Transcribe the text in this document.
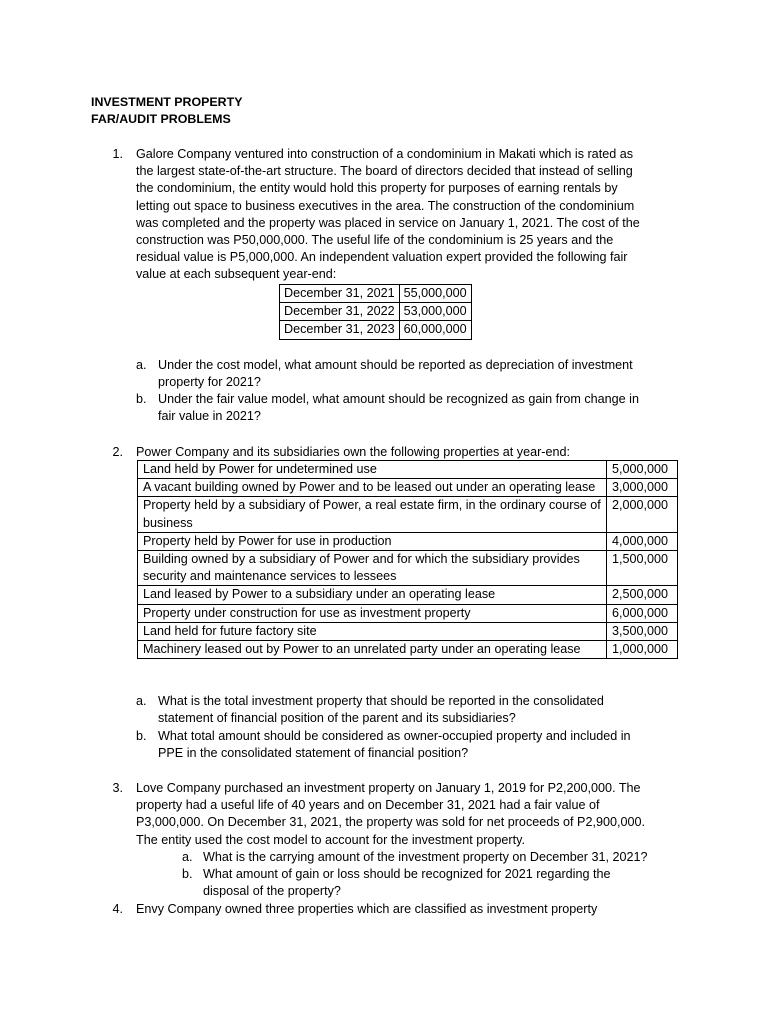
INVESTMENT PROPERTY
FAR/AUDIT PROBLEMS
1. Galore Company ventured into construction of a condominium in Makati which is rated as
the largest state-of-the-art structure. The board of directors decided that instead of selling
the condominium, the entity would hold this property for purposes of earning rentals by
letting out space to business executives in the area. The construction of the condominium
was completed and the property was placed in service on January 1, 2021. The cost of the
construction was P50,000,000. The useful life of the condominium is 25 years and the
residual value is P5,000,000. An independent valuation expert provided the following fair
value at each subsequent year-end:
December 31, 2021	55,000,000
December 31, 2022	53,000,000
December 31, 2023	60,000,000
a. Under the cost model, what amount should be reported as depreciation of investment
property for 2021?
b. Under the fair value model, what amount should be recognized as gain from change in
fair value in 2021?
2. Power Company and its subsidiaries own the following properties at year-end:
Land held by Power for undetermined use	5,000,000
A vacant building owned by Power and to be leased out under an operating lease	3,000,000
Property held by a subsidiary of Power, a real estate firm, in the ordinary course of business	2,000,000
Property held by Power for use in production	4,000,000
Building owned by a subsidiary of Power and for which the subsidiary provides security and maintenance services to lessees	1,500,000
Land leased by Power to a subsidiary under an operating lease	2,500,000
Property under construction for use as investment property	6,000,000
Land held for future factory site	3,500,000
Machinery leased out by Power to an unrelated party under an operating lease	1,000,000
a. What is the total investment property that should be reported in the consolidated
statement of financial position of the parent and its subsidiaries?
b. What total amount should be considered as owner-occupied property and included in
PPE in the consolidated statement of financial position?
3. Love Company purchased an investment property on January 1, 2019 for P2,200,000. The
property had a useful life of 40 years and on December 31, 2021 had a fair value of
P3,000,000. On December 31, 2021, the property was sold for net proceeds of P2,900,000.
The entity used the cost model to account for the investment property.
a. What is the carrying amount of the investment property on December 31, 2021?
b. What amount of gain or loss should be recognized for 2021 regarding the
disposal of the property?
4. Envy Company owned three properties which are classified as investment property
